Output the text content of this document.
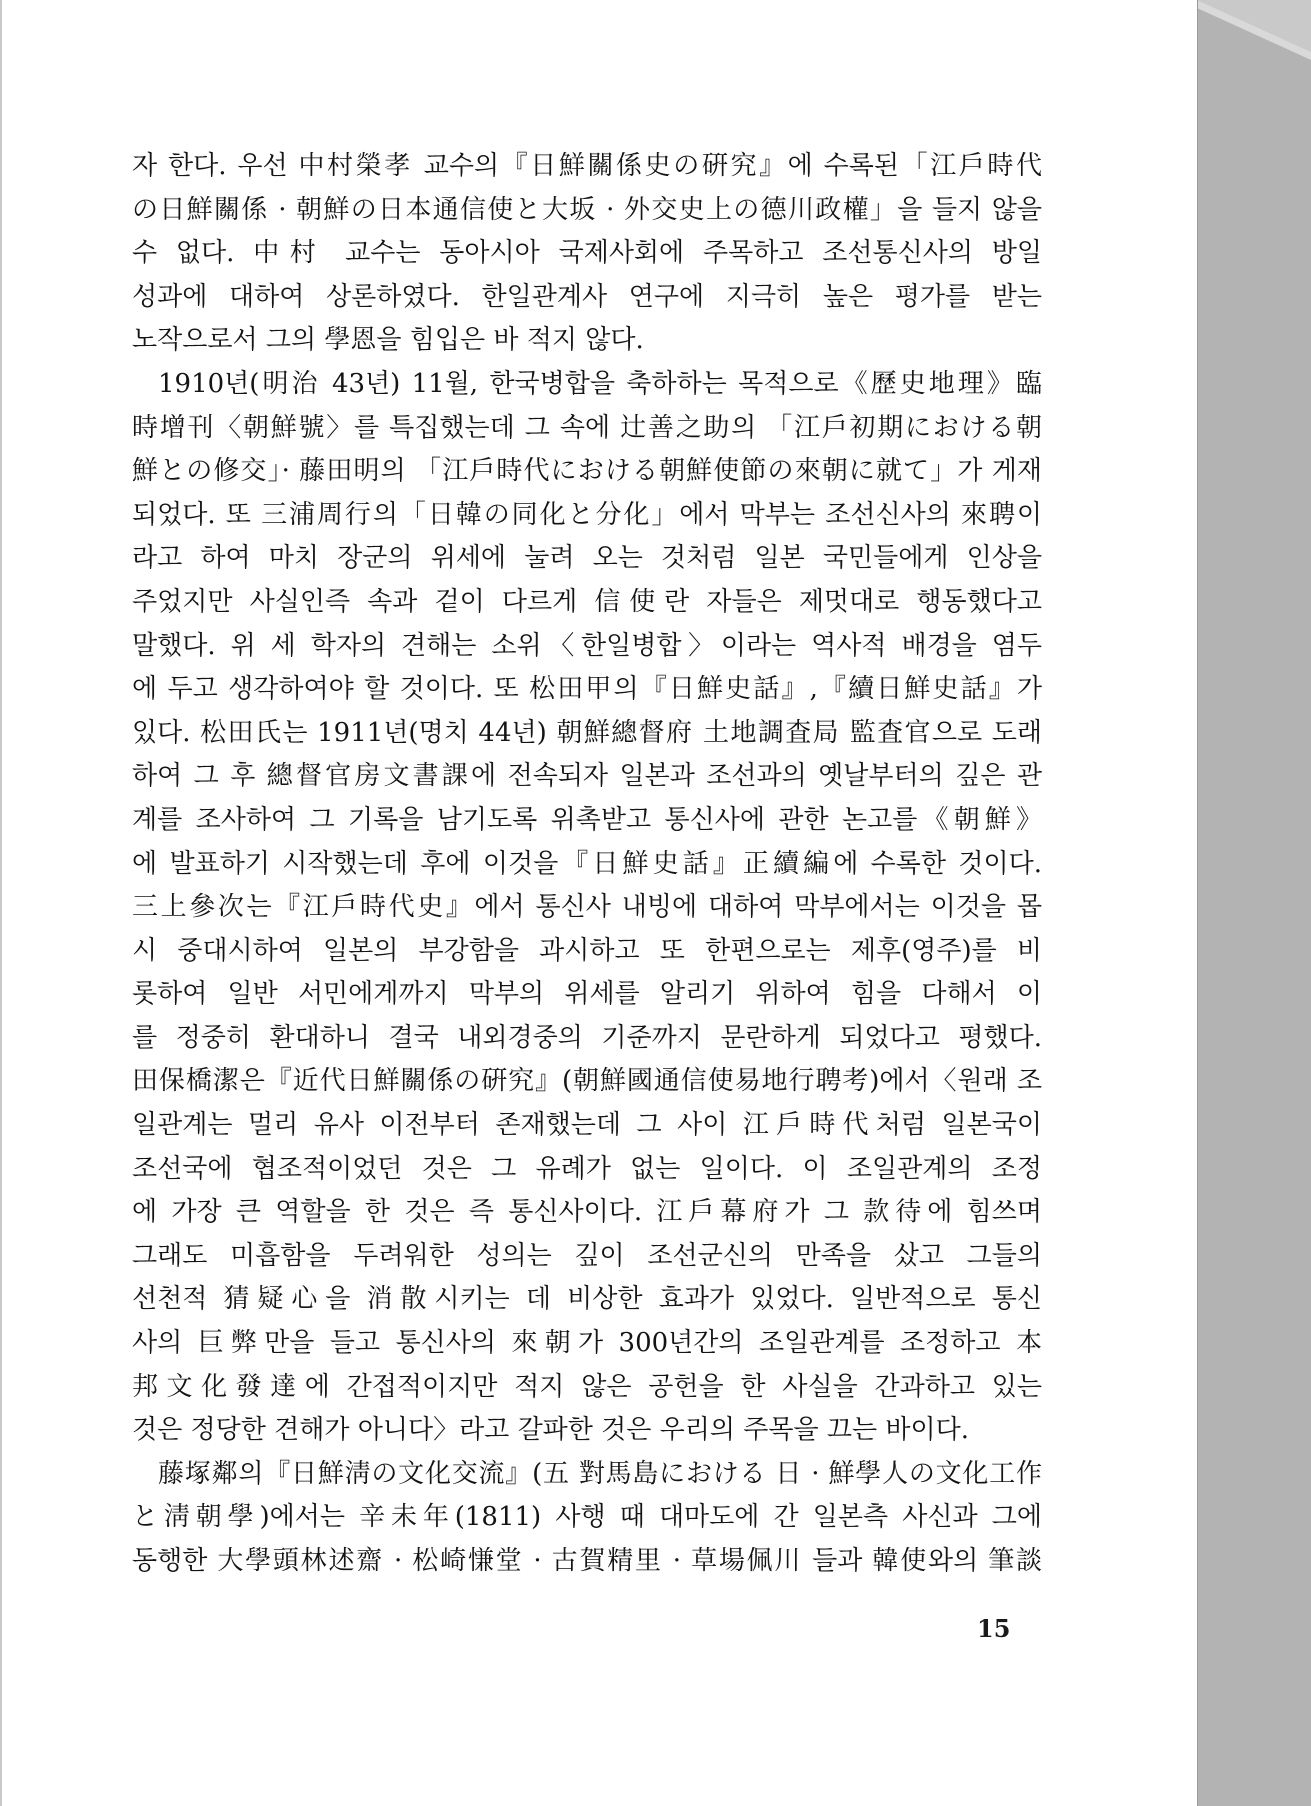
자 한다. 우선 中村榮孝 교수의『日鮮關係史の硏究』에 수록된「江戶時代
の日鮮關係 · 朝鮮の日本通信使と大坂 · 外交史上の德川政權」을 들지 않을
수 없다. 中村 교수는 동아시아 국제사회에 주목하고 조선통신사의 방일
성과에 대하여 상론하였다. 한일관계사 연구에 지극히 높은 평가를 받는
노작으로서 그의 學恩을 힘입은 바 적지 않다.
1910년(明治 43년) 11월, 한국병합을 축하하는 목적으로《歷史地理》臨
時增刊〈朝鮮號〉를 특집했는데 그 속에 辻善之助의 「江戶初期における朝
鮮との修交」· 藤田明의 「江戶時代における朝鮮使節の來朝に就て」가 게재
되었다. 또 三浦周行의「日韓の同化と分化」에서 막부는 조선신사의 來聘이
라고 하여 마치 장군의 위세에 눌려 오는 것처럼 일본 국민들에게 인상을
주었지만 사실인즉 속과 겉이 다르게 信使란 자들은 제멋대로 행동했다고
말했다. 위 세 학자의 견해는 소위〈한일병합〉이라는 역사적 배경을 염두
에 두고 생각하여야 할 것이다. 또 松田甲의『日鮮史話』,『續日鮮史話』가
있다. 松田氏는 1911년(명치 44년) 朝鮮總督府 土地調査局 監査官으로 도래
하여 그 후 總督官房文書課에 전속되자 일본과 조선과의 옛날부터의 깊은 관
계를 조사하여 그 기록을 남기도록 위촉받고 통신사에 관한 논고를《朝鮮》
에 발표하기 시작했는데 후에 이것을『日鮮史話』正續編에 수록한 것이다.
三上參次는『江戶時代史』에서 통신사 내빙에 대하여 막부에서는 이것을 몹
시 중대시하여 일본의 부강함을 과시하고 또 한편으로는 제후(영주)를 비
롯하여 일반 서민에게까지 막부의 위세를 알리기 위하여 힘을 다해서 이
를 정중히 환대하니 결국 내외경중의 기준까지 문란하게 되었다고 평했다.
田保橋潔은『近代日鮮關係の硏究』(朝鮮國通信使易地行聘考)에서〈원래 조
일관계는 멀리 유사 이전부터 존재했는데 그 사이 江戶時代처럼 일본국이
조선국에 협조적이었던 것은 그 유례가 없는 일이다. 이 조일관계의 조정
에 가장 큰 역할을 한 것은 즉 통신사이다. 江戶幕府가 그 款待에 힘쓰며
그래도 미흡함을 두려워한 성의는 깊이 조선군신의 만족을 샀고 그들의
선천적 猜疑心을 消散시키는 데 비상한 효과가 있었다. 일반적으로 통신
사의 巨弊만을 들고 통신사의 來朝가 300년간의 조일관계를 조정하고 本
邦文化發達에 간접적이지만 적지 않은 공헌을 한 사실을 간과하고 있는
것은 정당한 견해가 아니다〉라고 갈파한 것은 우리의 주목을 끄는 바이다.
藤塚鄰의『日鮮淸の文化交流』(五 對馬島における 日 · 鮮學人の文化工作
と淸朝學)에서는 辛未年(1811) 사행 때 대마도에 간 일본측 사신과 그에
동행한 大學頭林述齋 · 松崎慊堂 · 古賀精里 · 草場佩川 들과 韓使와의 筆談
15
